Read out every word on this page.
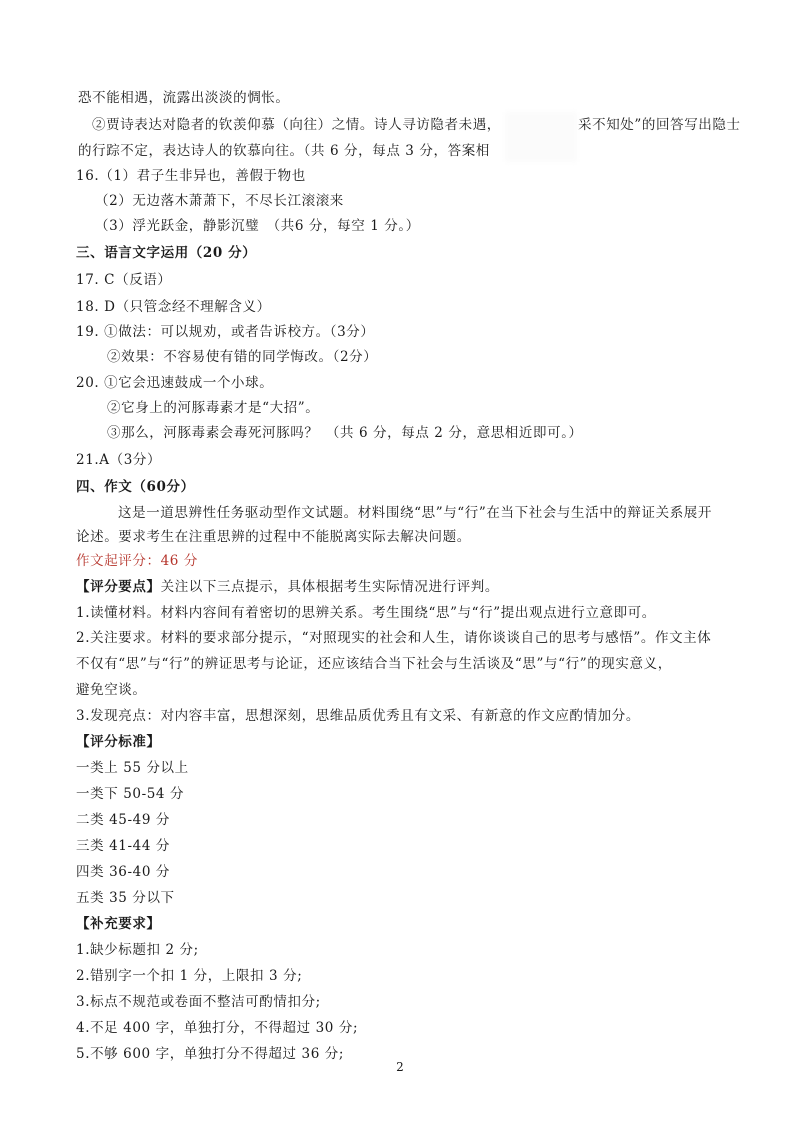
恐不能相遇，流露出淡淡的惆怅。
②贾诗表达对隐者的钦羡仰慕（向往）之情。诗人寻访隐者未遇，	采不知处”的回答写出隐士
的行踪不定，表达诗人的钦慕向往。（共 6 分，每点 3 分，答案相
16.（1）君子生非异也，善假于物也
（2）无边落木萧萧下，不尽长江滚滚来
（3）浮光跃金，静影沉璧　（共6 分，每空 1 分。）
三、语言文字运用（20 分）
17. C（反语）
18. D（只管念经不理解含义）
19. ①做法：可以规劝，或者告诉校方。（3分）
②效果：不容易使有错的同学悔改。（2分）
20. ①它会迅速鼓成一个小球。
②它身上的河豚毒素才是“大招”。
③那么，河豚毒素会毒死河豚吗？　（共 6 分，每点 2 分，意思相近即可。）
21.A（3分）
四、作文（60分）
这是一道思辨性任务驱动型作文试题。材料围绕“思”与“行”在当下社会与生活中的辩证关系展开
论述。要求考生在注重思辨的过程中不能脱离实际去解决问题。
作文起评分：46 分
【评分要点】关注以下三点提示，具体根据考生实际情况进行评判。
1.读懂材料。材料内容间有着密切的思辨关系。考生围绕“思”与“行”提出观点进行立意即可。
2.关注要求。材料的要求部分提示，“对照现实的社会和人生，请你谈谈自己的思考与感悟”。作文主体
不仅有“思”与“行”的辨证思考与论证，还应该结合当下社会与生活谈及“思”与“行”的现实意义，
避免空谈。
3.发现亮点：对内容丰富，思想深刻，思维品质优秀且有文采、有新意的作文应酌情加分。
【评分标准】
一类上 55 分以上
一类下 50-54 分
二类 45-49 分
三类 41-44 分
四类 36-40 分
五类 35 分以下
【补充要求】
1.缺少标题扣 2 分;
2.错别字一个扣 1 分，上限扣 3 分;
3.标点不规范或卷面不整洁可酌情扣分;
4.不足 400 字，单独打分，不得超过 30 分;
5.不够 600 字，单独打分不得超过 36 分;
2
